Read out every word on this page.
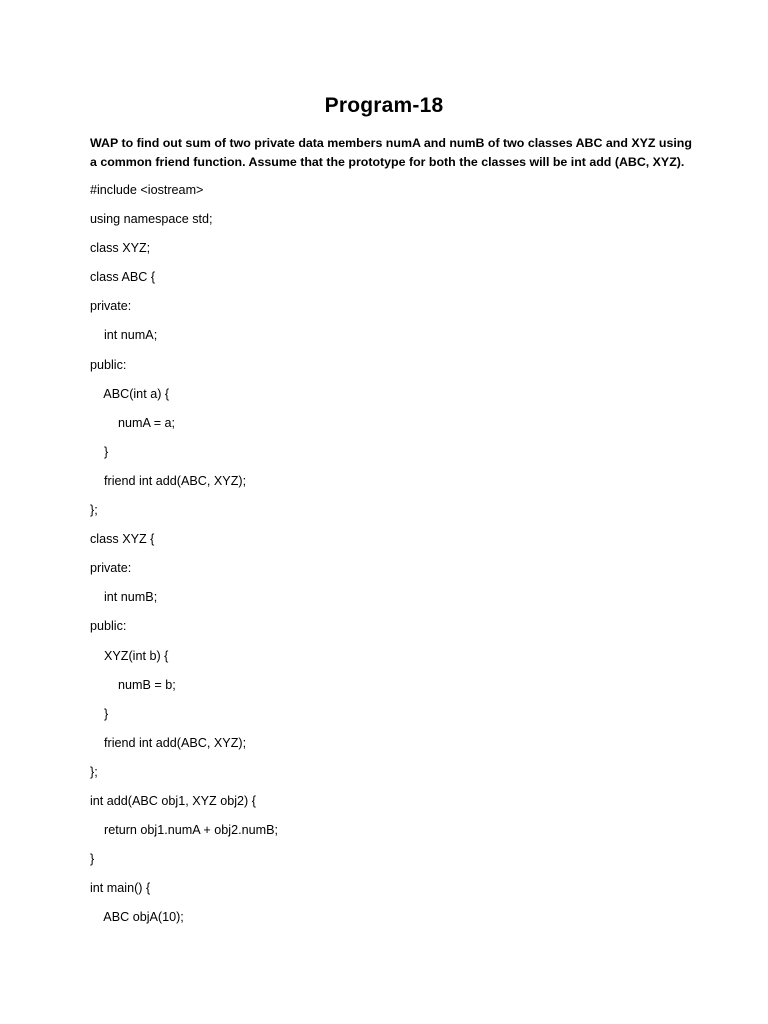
Program-18
WAP to find out sum of two private data members numA and numB of two classes ABC and XYZ using
a common friend function. Assume that the prototype for both the classes will be int add (ABC, XYZ).
#include <iostream>
using namespace std;
class XYZ;
class ABC {
private:
int numA;
public:
ABC(int a) {
numA = a;
}
friend int add(ABC, XYZ);
};
class XYZ {
private:
int numB;
public:
XYZ(int b) {
numB = b;
}
friend int add(ABC, XYZ);
};
int add(ABC obj1, XYZ obj2) {
return obj1.numA + obj2.numB;
}
int main() {
ABC objA(10);
